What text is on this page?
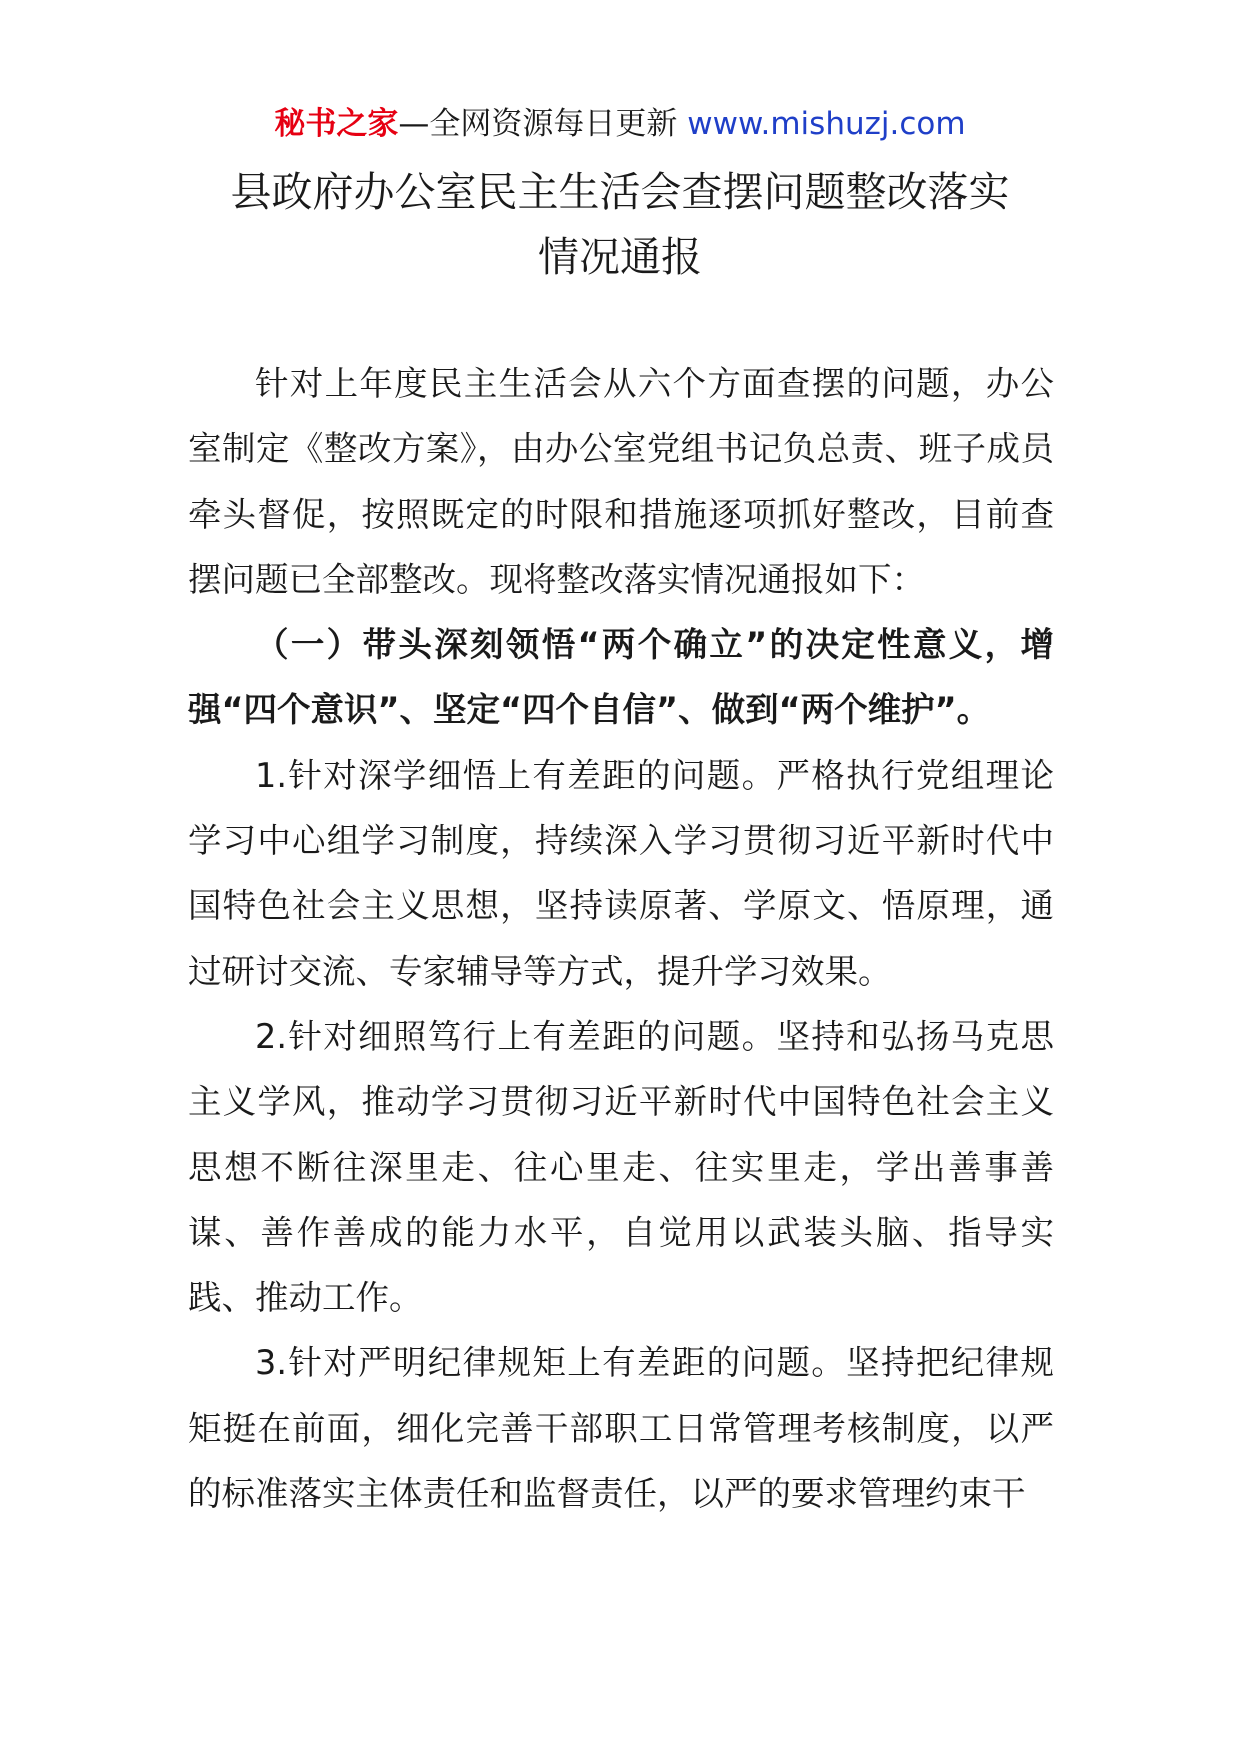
秘书之家—全网资源每日更新 www.mishuzj.com
县政府办公室民主生活会查摆问题整改落实
情况通报

针对上年度民主生活会从六个方面查摆的问题，办公室制定《整改方案》，由办公室党组书记负总责、班子成员牵头督促，按照既定的时限和措施逐项抓好整改，目前查摆问题已全部整改。现将整改落实情况通报如下：

（一）带头深刻领悟“两个确立”的决定性意义，增强“四个意识”、坚定“四个自信”、做到“两个维护”。

1.针对深学细悟上有差距的问题。严格执行党组理论学习中心组学习制度，持续深入学习贯彻习近平新时代中国特色社会主义思想，坚持读原著、学原文、悟原理，通过研讨交流、专家辅导等方式，提升学习效果。

2.针对细照笃行上有差距的问题。坚持和弘扬马克思主义学风，推动学习贯彻习近平新时代中国特色社会主义思想不断往深里走、往心里走、往实里走，学出善事善谋、善作善成的能力水平，自觉用以武装头脑、指导实践、推动工作。

3.针对严明纪律规矩上有差距的问题。坚持把纪律规矩挺在前面，细化完善干部职工日常管理考核制度，以严的标准落实主体责任和监督责任，以严的要求管理约束干
